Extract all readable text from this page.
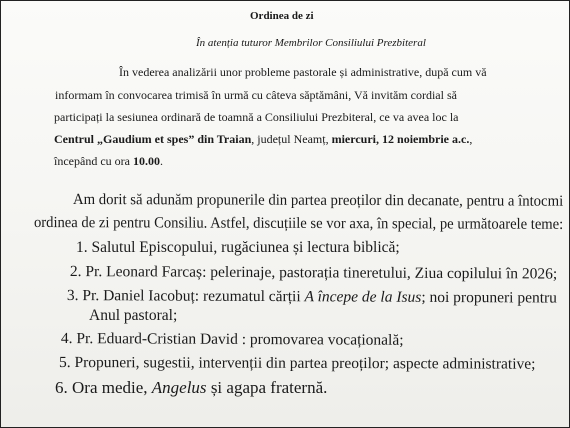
Ordinea de zi
În atenția tuturor Membrilor Consiliului Prezbiteral
În vederea analizării unor probleme pastorale și administrative, după cum vă
informam în convocarea trimisă în urmă cu câteva săptămâni, Vă invităm cordial să
participați la sesiunea ordinară de toamnă a Consiliului Prezbiteral, ce va avea loc la
Centrul „Gaudium et spes” din Traian, județul Neamț, miercuri, 12 noiembrie a.c.,
începând cu ora 10.00.
Am dorit să adunăm propunerile din partea preoților din decanate, pentru a întocmi
ordinea de zi pentru Consiliu. Astfel, discuțiile se vor axa, în special, pe următoarele teme:
1. Salutul Episcopului, rugăciunea și lectura biblică;
2. Pr. Leonard Farcaș: pelerinaje, pastorația tineretului, Ziua copilului în 2026;
3. Pr. Daniel Iacobuț: rezumatul cărții A începe de la Isus; noi propuneri pentru
Anul pastoral;
4. Pr. Eduard-Cristian David : promovarea vocațională;
5. Propuneri, sugestii, intervenții din partea preoților; aspecte administrative;
6. Ora medie, Angelus și agapa fraternă.
